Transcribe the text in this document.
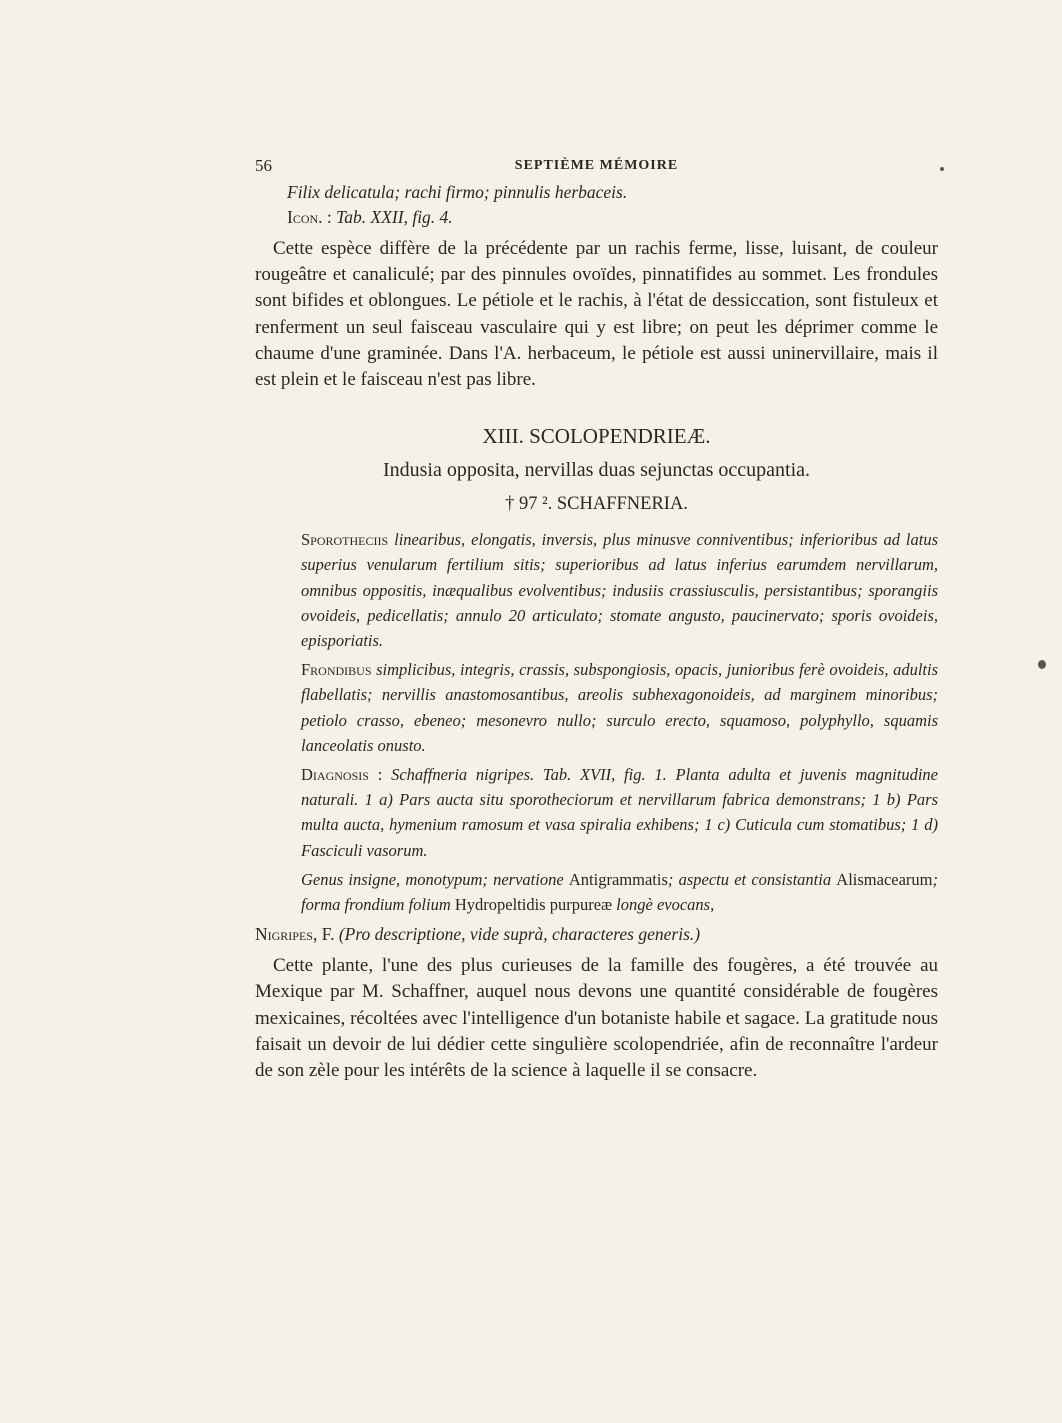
56	SEPTIÈME MÉMOIRE
Filix delicatula; rachi firmo; pinnulis herbaceis.
Icon. : Tab. XXII, fig. 4.

Cette espèce diffère de la précédente par un rachis ferme, lisse, luisant, de couleur rougeâtre et canaliculé; par des pinnules ovoïdes, pinnatifides au sommet. Les frondules sont bifides et oblongues. Le pétiole et le rachis, à l'état de dessiccation, sont fistuleux et renferment un seul faisceau vasculaire qui y est libre; on peut les déprimer comme le chaume d'une graminée. Dans l'A. herbaceum, le pétiole est aussi uninervillaire, mais il est plein et le faisceau n'est pas libre.

XIII. SCOLOPENDRIEÆ.
Indusia opposita, nervillas duas sejunctas occupantia.
† 97 ². SCHAFFNERIA.

Sporotheciis linearibus, elongatis, inversis, plus minusve conniventibus; inferioribus ad latus superius venularum fertilium sitis; superioribus ad latus inferius earumdem nervillarum, omnibus oppositis, inæqualibus evolventibus; indusiis crassiusculis, persistantibus; sporangiis ovoideis, pedicellatis; annulo 20 articulato; stomate angusto, paucinervato; sporis ovoideis, episporiatis.

Frondibus simplicibus, integris, crassis, subspongiosis, opacis, junioribus ferè ovoideis, adultis flabellatis; nervillis anastomosantibus, areolis subhexagonoideis, ad marginem minoribus; petiolo crasso, ebeneo; mesonevro nullo; surculo erecto, squamoso, polyphyllo, squamis lanceolatis onusto.

Diagnosis : Schaffneria nigripes. Tab. XVII, fig. 1. Planta adulta et juvenis magnitudine naturali. 1 a) Pars aucta situ sporotheciorum et nervillarum fabrica demonstrans; 1 b) Pars multa aucta, hymenium ramosum et vasa spiralia exhibens; 1 c) Cuticula cum stomatibus; 1 d) Fasciculi vasorum.

Genus insigne, monotypum; nervatione Antigrammatis; aspectu et consistantia Alismacearum; forma frondium folium Hydropeltidis purpureæ longè evocans,

Nigripes, F. (Pro descriptione, vide suprà, characteres generis.)

Cette plante, l'une des plus curieuses de la famille des fougères, a été trouvée au Mexique par M. Schaffner, auquel nous devons une quantité considérable de fougères mexicaines, récoltées avec l'intelligence d'un botaniste habile et sagace. La gratitude nous faisait un devoir de lui dédier cette singulière scolopendriée, afin de reconnaître l'ardeur de son zèle pour les intérêts de la science à laquelle il se consacre.
